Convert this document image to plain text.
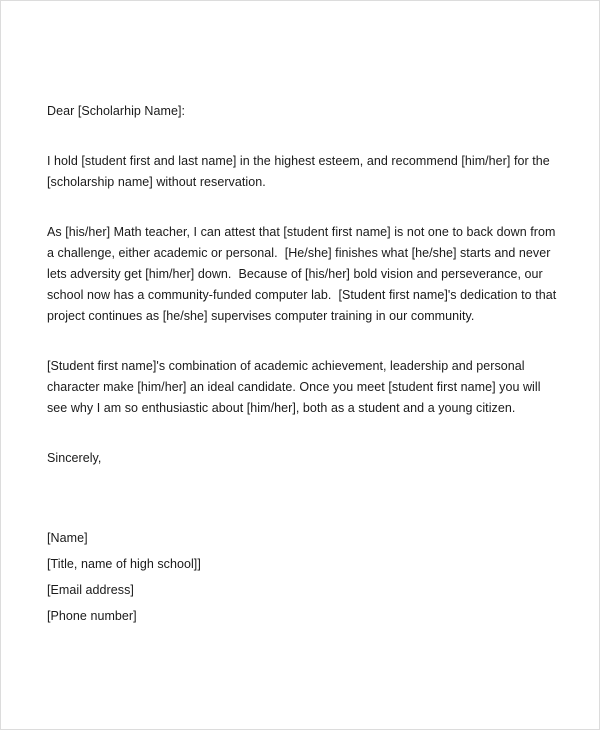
Dear [Scholarhip Name]:

I hold [student first and last name] in the highest esteem, and recommend [him/her] for the [scholarship name] without reservation.

As [his/her] Math teacher, I can attest that [student first name] is not one to back down from a challenge, either academic or personal.  [He/she] finishes what [he/she] starts and never lets adversity get [him/her] down.  Because of [his/her] bold vision and perseverance, our school now has a community-funded computer lab.  [Student first name]'s dedication to that project continues as [he/she] supervises computer training in our community.

[Student first name]'s combination of academic achievement, leadership and personal character make [him/her] an ideal candidate. Once you meet [student first name] you will see why I am so enthusiastic about [him/her], both as a student and a young citizen.

Sincerely,

[Name]

[Title, name of high school]]

[Email address]

[Phone number]
